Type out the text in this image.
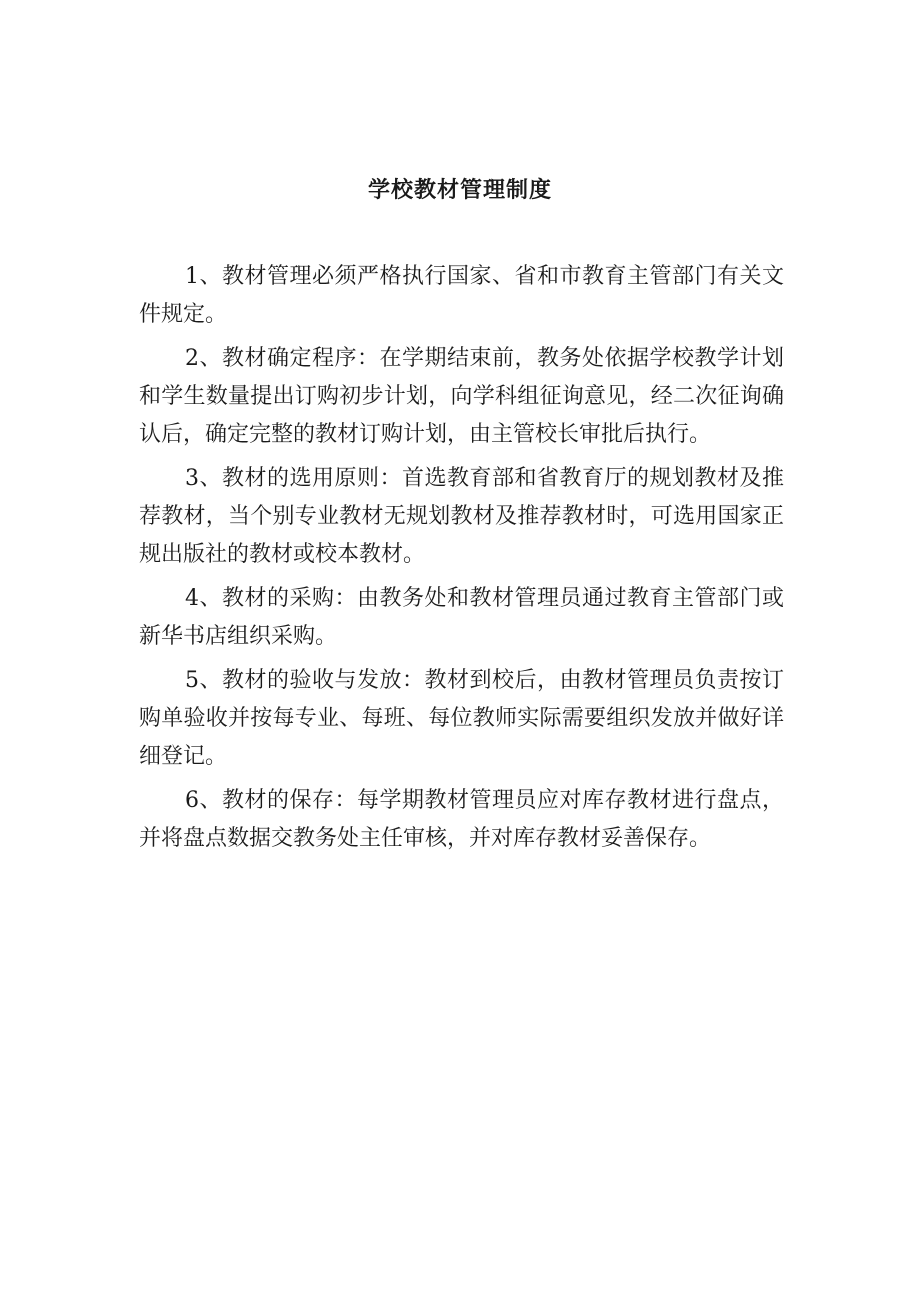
学校教材管理制度

1、教材管理必须严格执行国家、省和市教育主管部门有关文件规定。

2、教材确定程序：在学期结束前，教务处依据学校教学计划和学生数量提出订购初步计划，向学科组征询意见，经二次征询确认后，确定完整的教材订购计划，由主管校长审批后执行。

3、教材的选用原则：首选教育部和省教育厅的规划教材及推荐教材，当个别专业教材无规划教材及推荐教材时，可选用国家正规出版社的教材或校本教材。

4、教材的采购：由教务处和教材管理员通过教育主管部门或新华书店组织采购。

5、教材的验收与发放：教材到校后，由教材管理员负责按订购单验收并按每专业、每班、每位教师实际需要组织发放并做好详细登记。

6、教材的保存：每学期教材管理员应对库存教材进行盘点，并将盘点数据交教务处主任审核，并对库存教材妥善保存。
